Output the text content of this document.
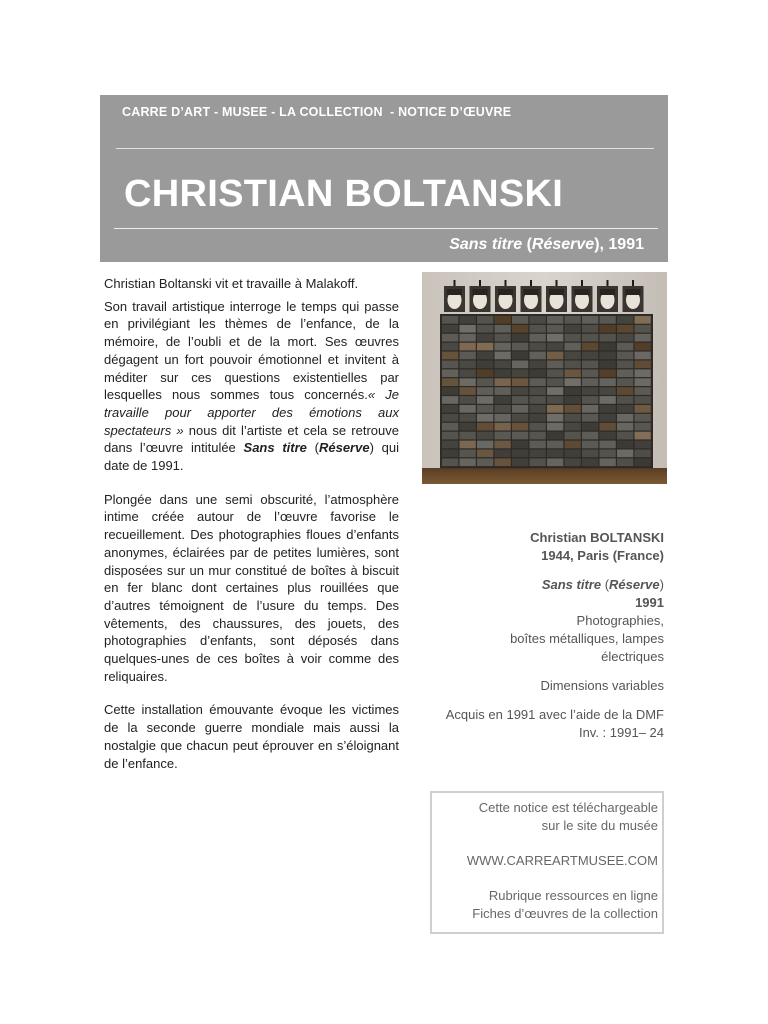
CARRE D’ART - MUSEE - LA COLLECTION  - NOTICE D’ŒUVRE
CHRISTIAN BOLTANSKI
Sans titre (Réserve), 1991

Christian Boltanski vit et travaille à Malakoff.

Son travail artistique interroge le temps qui passe en privilégiant les thèmes de l’enfance, de la mémoire, de l’oubli et de la mort. Ses œuvres dégagent un fort pouvoir émotionnel et invitent à méditer sur ces questions existentielles par lesquelles nous sommes tous concernés.« Je travaille pour apporter des émotions aux spectateurs » nous dit l’artiste et cela se retrouve dans l’œuvre intitulée Sans titre (Réserve) qui date de 1991.

Plongée dans une semi obscurité, l’atmosphère intime créée autour de l’œuvre favorise le recueillement. Des photographies floues d’enfants anonymes, éclairées par de petites lumières, sont disposées sur un mur constitué de boîtes à biscuit en fer blanc dont certaines plus rouillées que d’autres témoignent de l’usure du temps. Des vêtements, des chaussures, des jouets, des photographies d’enfants, sont déposés dans quelques-unes de ces boîtes à voir comme des reliquaires.

Cette installation émouvante évoque les victimes de la seconde guerre mondiale mais aussi la nostalgie que chacun peut éprouver en s’éloignant de l’enfance.

Christian BOLTANSKI
1944, Paris (France)
Sans titre (Réserve)
1991
Photographies,
boîtes métalliques, lampes
électriques
Dimensions variables
Acquis en 1991 avec l’aide de la DMF
Inv. : 1991– 24
Cette notice est téléchargeable
sur le site du musée
WWW.CARREARTMUSEE.COM
Rubrique ressources en ligne
Fiches d’œuvres de la collection
